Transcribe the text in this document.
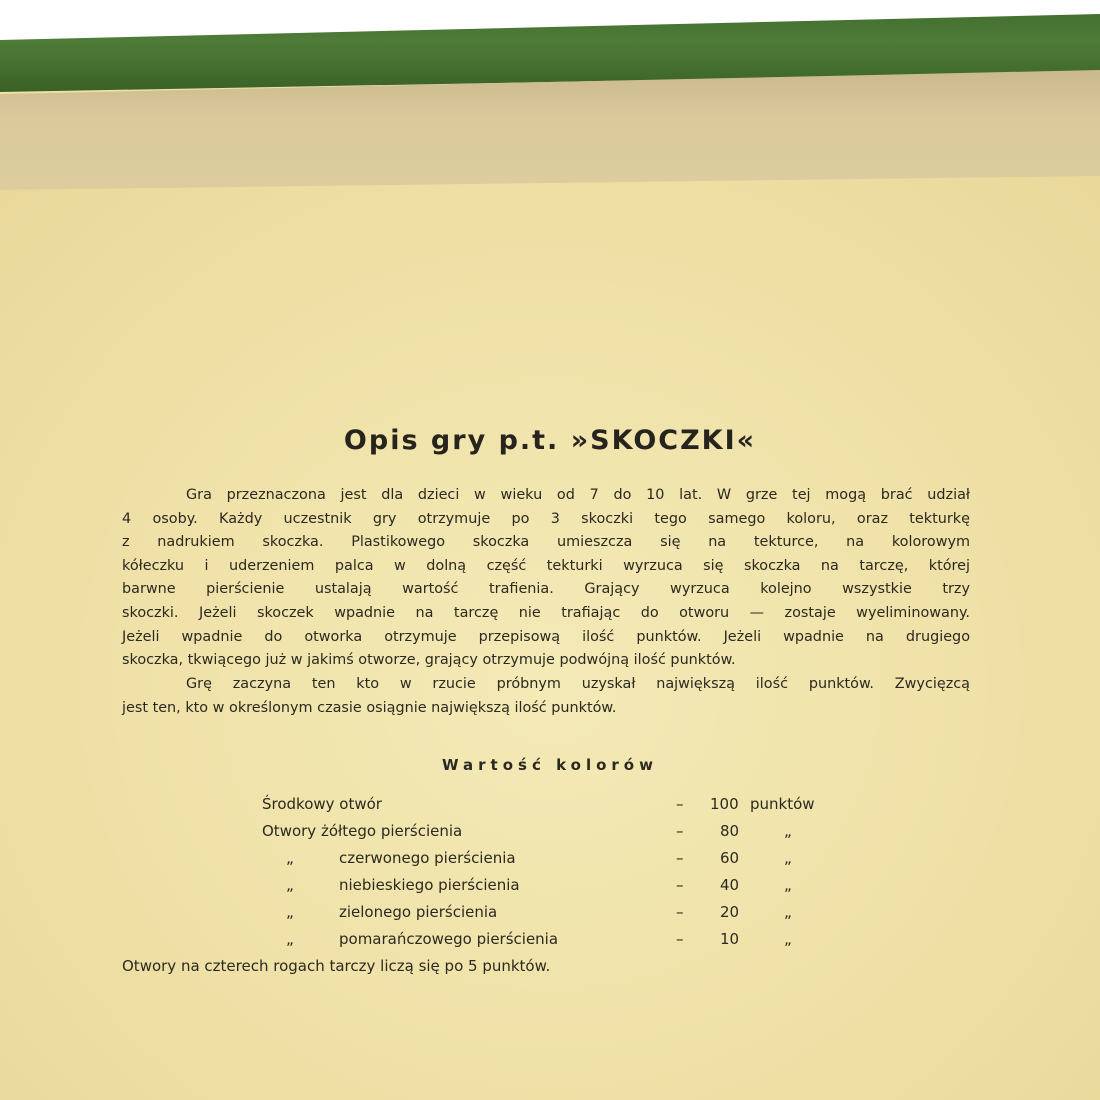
Opis gry p.t. »SKOCZKI«
Gra przeznaczona jest dla dzieci w wieku od 7 do 10 lat. W grze tej mogą brać udział
4 osoby. Każdy uczestnik gry otrzymuje po 3 skoczki tego samego koloru, oraz tekturkę
z nadrukiem skoczka. Plastikowego skoczka umieszcza się na tekturce, na kolorowym
kółeczku i uderzeniem palca w dolną część tekturki wyrzuca się skoczka na tarczę, której
barwne pierścienie ustalają wartość trafienia. Grający wyrzuca kolejno wszystkie trzy
skoczki. Jeżeli skoczek wpadnie na tarczę nie trafiając do otworu — zostaje wyeliminowany.
Jeżeli wpadnie do otworka otrzymuje przepisową ilość punktów. Jeżeli wpadnie na drugiego
skoczka, tkwiącego już w jakimś otworze, grający otrzymuje podwójną ilość punktów.
Grę zaczyna ten kto w rzucie próbnym uzyskał największą ilość punktów. Zwycięzcą
jest ten, kto w określonym czasie osiągnie największą ilość punktów.
Wartość kolorów
Środkowy otwór	– 100 punktów
Otwory żółtego pierścienia	– 80	„
„	czerwonego pierścienia	– 60	„
„	niebieskiego pierścienia	– 40	„
„	zielonego pierścienia	– 20	„
„	pomarańczowego pierścienia	– 10	„
Otwory na czterech rogach tarczy liczą się po 5 punktów.
